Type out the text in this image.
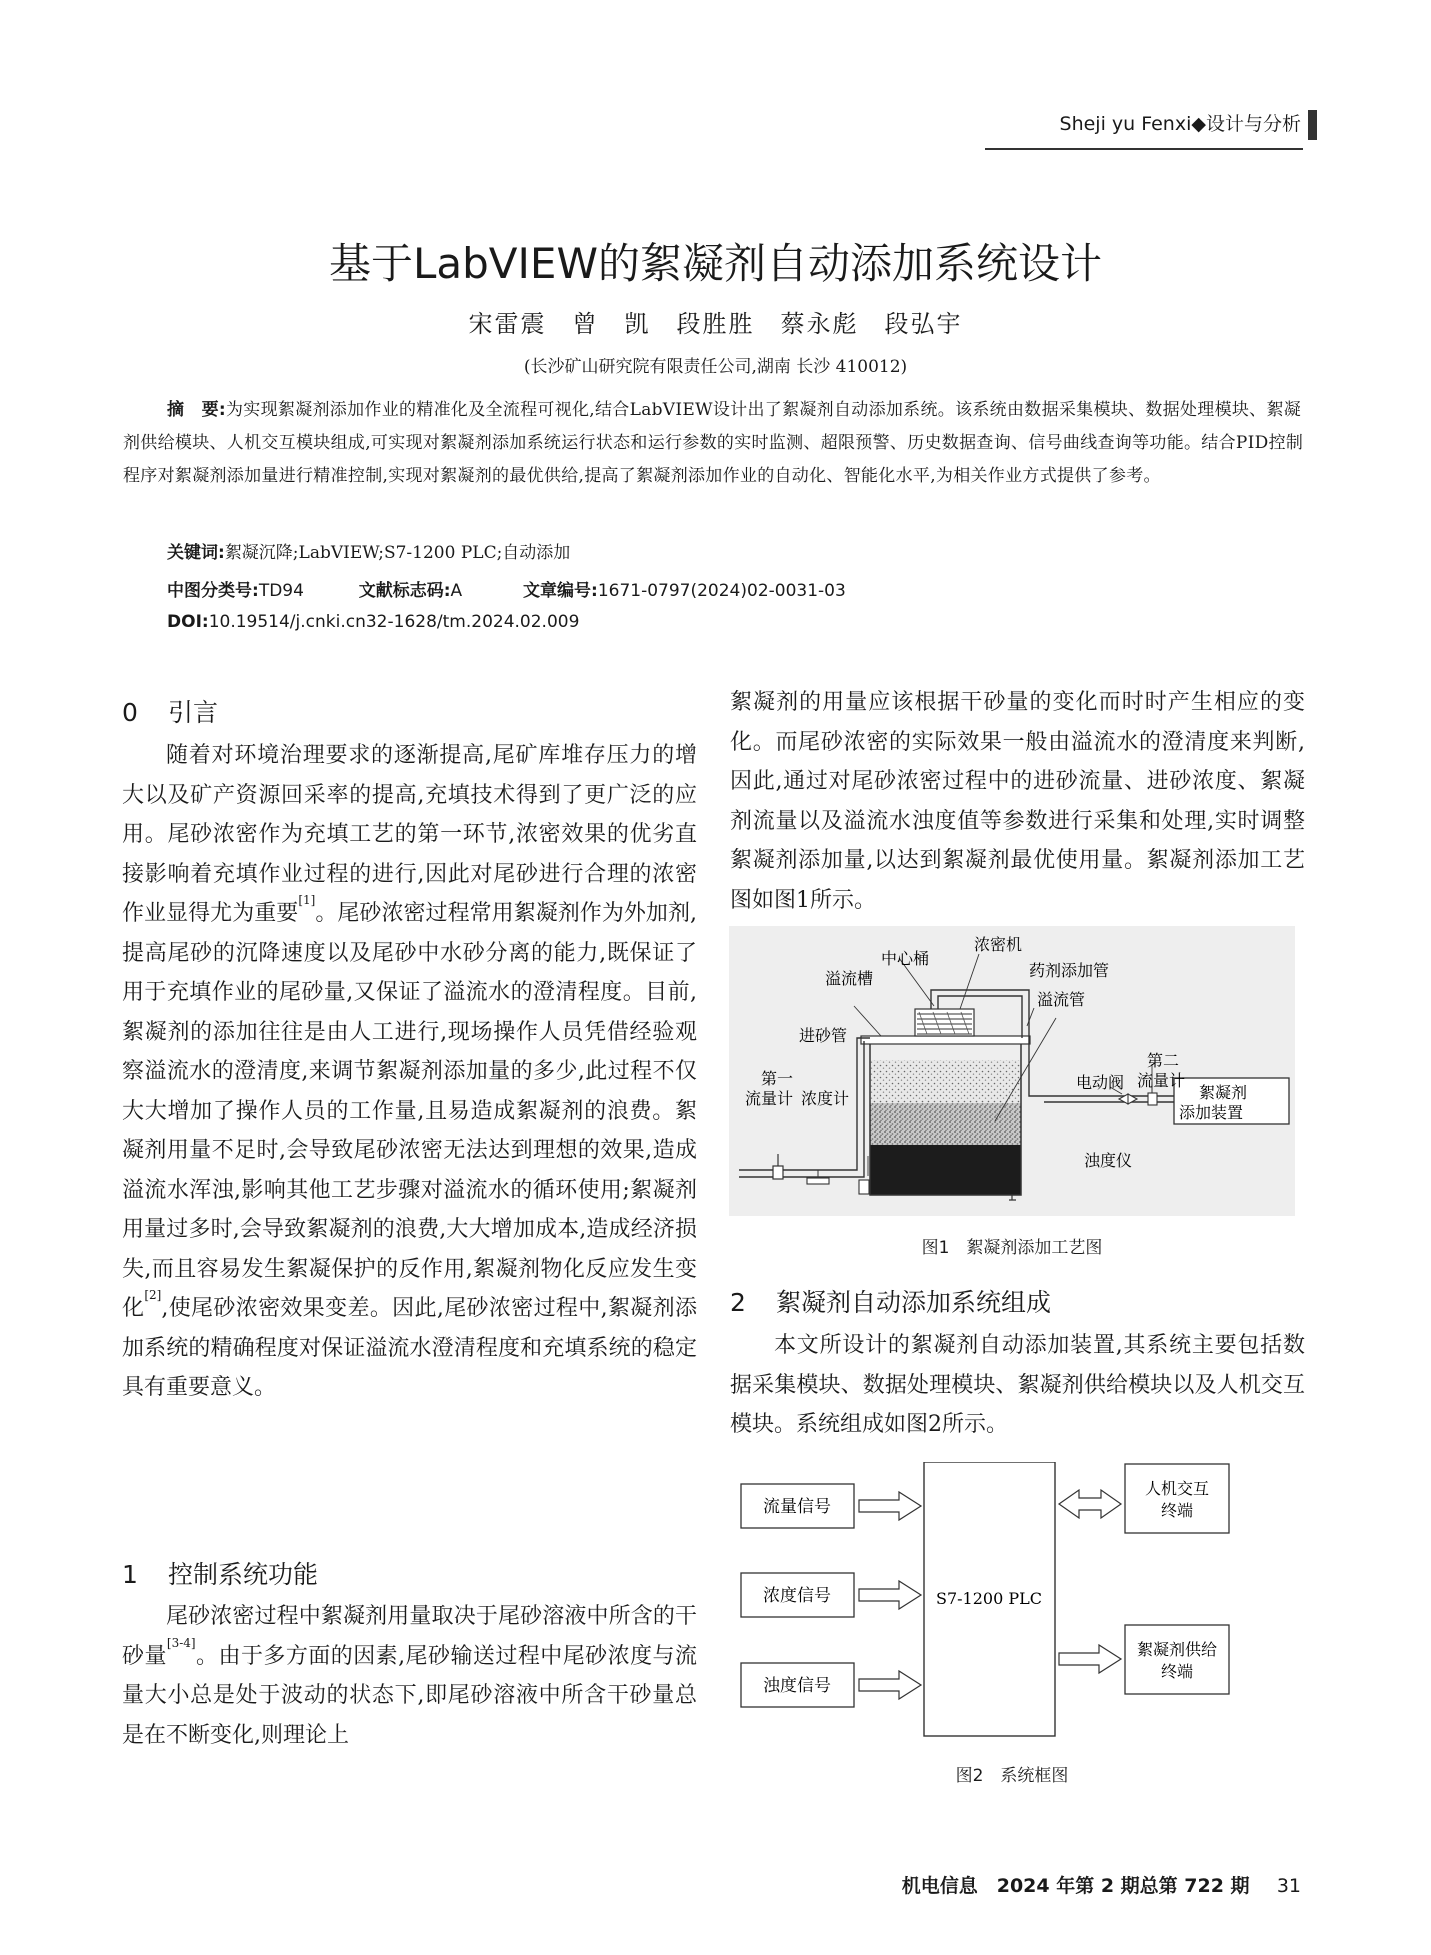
Sheji yu Fenxi◆设计与分析
基于LabVIEW的絮凝剂自动添加系统设计
宋雷震　曾　凯　段胜胜　蔡永彪　段弘宇
(长沙矿山研究院有限责任公司,湖南 长沙 410012)
摘　要:为实现絮凝剂添加作业的精准化及全流程可视化,结合LabVIEW设计出了絮凝剂自动添加系统。该系统由数据采集模块、数据处理模块、絮凝剂供给模块、人机交互模块组成,可实现对絮凝剂添加系统运行状态和运行参数的实时监测、超限预警、历史数据查询、信号曲线查询等功能。结合PID控制程序对絮凝剂添加量进行精准控制,实现对絮凝剂的最优供给,提高了絮凝剂添加作业的自动化、智能化水平,为相关作业方式提供了参考。
关键词:絮凝沉降;LabVIEW;S7-1200 PLC;自动添加
中图分类号:TD94	文献标志码:A	文章编号:1671-0797(2024)02-0031-03
DOI:10.19514/j.cnki.cn32-1628/tm.2024.02.009
0 引言
随着对环境治理要求的逐渐提高,尾矿库堆存压力的增大以及矿产资源回采率的提高,充填技术得到了更广泛的应用。尾砂浓密作为充填工艺的第一环节,浓密效果的优劣直接影响着充填作业过程的进行,因此对尾砂进行合理的浓密作业显得尤为重要[1]。尾砂浓密过程常用絮凝剂作为外加剂,提高尾砂的沉降速度以及尾砂中水砂分离的能力,既保证了用于充填作业的尾砂量,又保证了溢流水的澄清程度。目前,絮凝剂的添加往往是由人工进行,现场操作人员凭借经验观察溢流水的澄清度,来调节絮凝剂添加量的多少,此过程不仅大大增加了操作人员的工作量,且易造成絮凝剂的浪费。絮凝剂用量不足时,会导致尾砂浓密无法达到理想的效果,造成溢流水浑浊,影响其他工艺步骤对溢流水的循环使用;絮凝剂用量过多时,会导致絮凝剂的浪费,大大增加成本,造成经济损失,而且容易发生絮凝保护的反作用,絮凝剂物化反应发生变化[2],使尾砂浓密效果变差。因此,尾砂浓密过程中,絮凝剂添加系统的精确程度对保证溢流水澄清程度和充填系统的稳定具有重要意义。
1 控制系统功能
尾砂浓密过程中絮凝剂用量取决于尾砂溶液中所含的干砂量[3-4]。由于多方面的因素,尾砂输送过程中尾砂浓度与流量大小总是处于波动的状态下,即尾砂溶液中所含干砂量总是在不断变化,则理论上
絮凝剂的用量应该根据干砂量的变化而时时产生相应的变化。而尾砂浓密的实际效果一般由溢流水的澄清度来判断,因此,通过对尾砂浓密过程中的进砂流量、进砂浓度、絮凝剂流量以及溢流水浊度值等参数进行采集和处理,实时调整絮凝剂添加量,以达到絮凝剂最优使用量。絮凝剂添加工艺图如图1所示。
浓密机
中心桶
药剂添加管
溢流槽
溢流管
进砂管
第一
流量计 浓度计
电动阀
第二
流量计
浊度仪
絮凝剂
添加装置
图1　絮凝剂添加工艺图
2 絮凝剂自动添加系统组成
本文所设计的絮凝剂自动添加装置,其系统主要包括数据采集模块、数据处理模块、絮凝剂供给模块以及人机交互模块。系统组成如图2所示。
流量信号
浓度信号
浊度信号
S7-1200 PLC
人机交互
终端
絮凝剂供给
终端
图2　系统框图
机电信息　2024 年第 2 期总第 722 期 31
